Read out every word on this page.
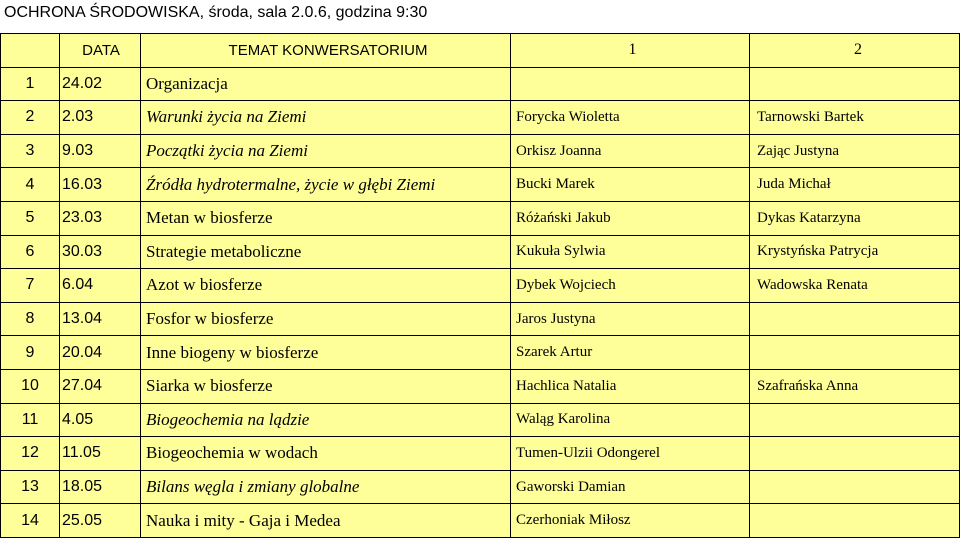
OCHRONA ŚRODOWISKA, środa, sala 2.0.6, godzina 9:30
	DATA	TEMAT KONWERSATORIUM	1	2
1	24.02	Organizacja		
2	2.03	Warunki życia na Ziemi	Forycka Wioletta	Tarnowski Bartek
3	9.03	Początki życia na Ziemi	Orkisz Joanna	Zając Justyna
4	16.03	Źródła hydrotermalne, życie w głębi Ziemi	Bucki Marek	Juda Michał
5	23.03	Metan w biosferze	Różański Jakub	Dykas Katarzyna
6	30.03	Strategie metaboliczne	Kukuła Sylwia	Krystyńska Patrycja
7	6.04	Azot w biosferze	Dybek Wojciech	Wadowska Renata
8	13.04	Fosfor w biosferze	Jaros Justyna	
9	20.04	Inne biogeny w biosferze	Szarek Artur	
10	27.04	Siarka w biosferze	Hachlica Natalia	Szafrańska Anna
11	4.05	Biogeochemia na lądzie	Waląg Karolina	
12	11.05	Biogeochemia w wodach	Tumen-Ulzii Odongerel	
13	18.05	Bilans węgla i zmiany globalne	Gaworski Damian	
14	25.05	Nauka i mity - Gaja i Medea	Czerhoniak Miłosz	
